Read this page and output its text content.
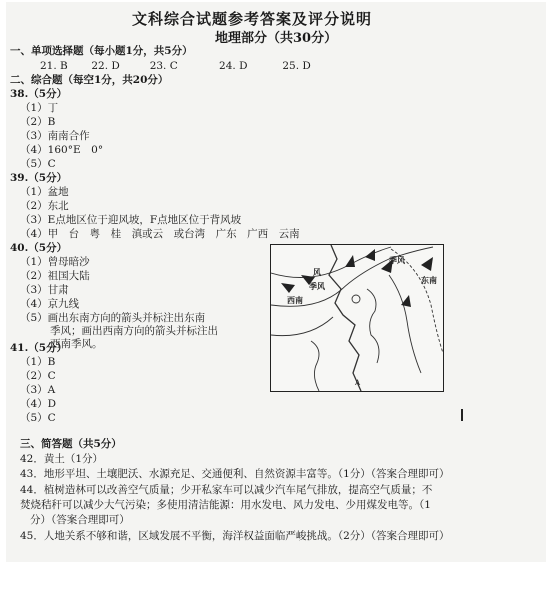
文科综合试题参考答案及评分说明
地理部分（共30分）
一、单项选择题（每小题1分，共5分）
21. B 22. D	23. C	24. D	25. D
二、综合题（每空1分，共20分）
38.（5分）
（1）丁
（2）B
（3）南南合作
（4）160°E　0°
（5）C
39.（5分）
（1）盆地
（2）东北
（3）E点地区位于迎风坡，F点地区位于背风坡
（4）甲　台　粤　桂　滇或云　或台湾　广东　广西　云南
40.（5分）
（1）曾母暗沙
（2）祖国大陆
（3）甘肃
（4）京九线
（5）画出东南方向的箭头并标注出东南
季风；画出西南方向的箭头并标注出
西南季风。
季风
东南
季风
西南
风
A
41.（5分）
（1）B
（2）C
（3）A
（4）D
（5）C
三、简答题（共5分）
42．黄土（1分）
43．地形平坦、土壤肥沃、水源充足、交通便利、自然资源丰富等。（1分）（答案合理即可）
44．植树造林可以改善空气质量；少开私家车可以减少汽车尾气排放，提高空气质量；不
焚烧秸秆可以减少大气污染；多使用清洁能源：用水发电、风力发电、少用煤发电等。（1
分）（答案合理即可）
45．人地关系不够和谐，区域发展不平衡，海洋权益面临严峻挑战。（2分）（答案合理即可）
